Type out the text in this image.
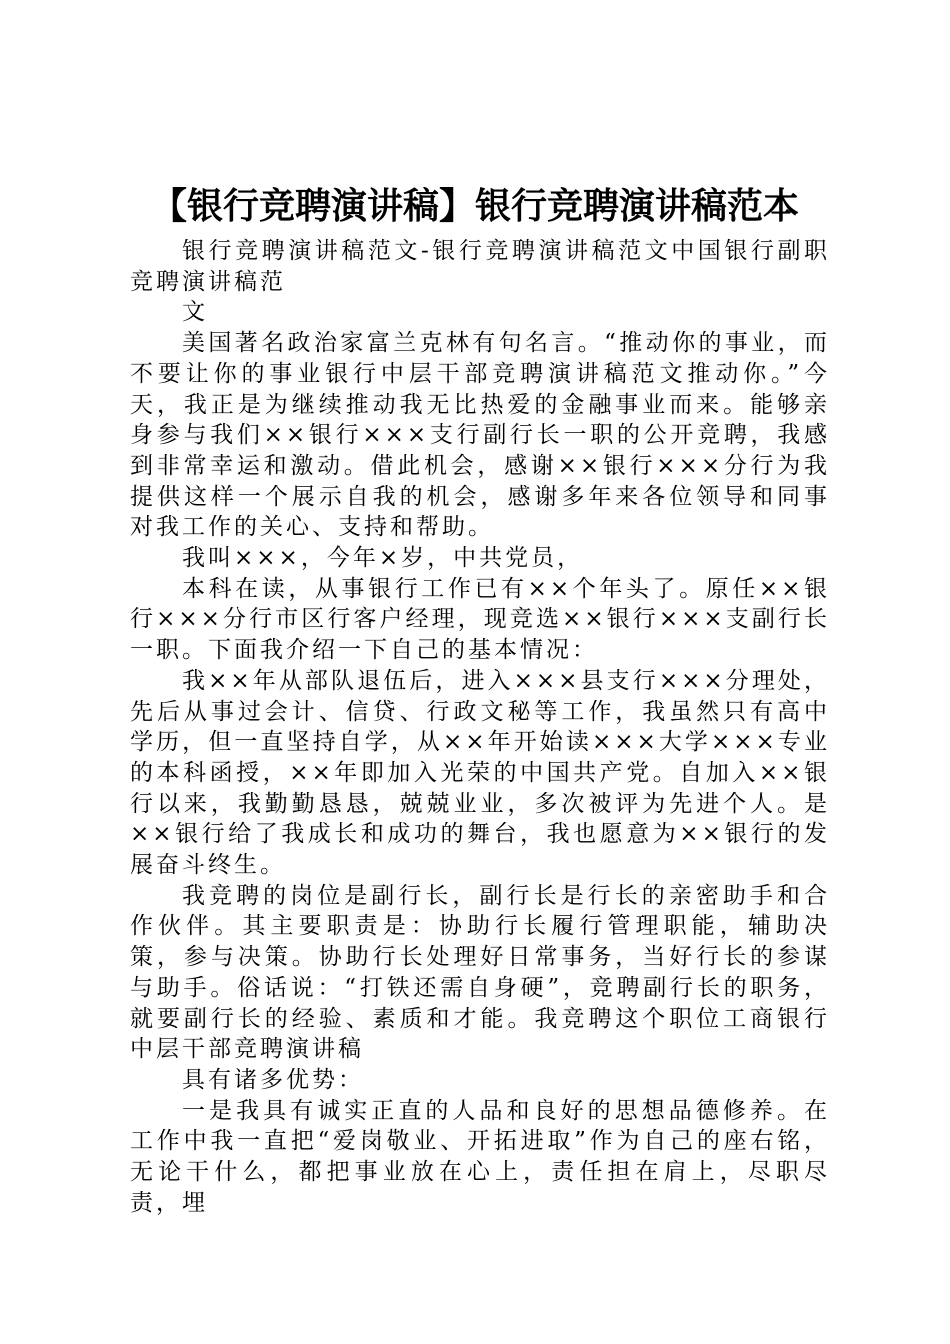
【银行竞聘演讲稿】银行竞聘演讲稿范本

银行竞聘演讲稿范文-银行竞聘演讲稿范文中国银行副职竞聘演讲稿范

文

美国著名政治家富兰克林有句名言。“推动你的事业，而不要让你的事业银行中层干部竞聘演讲稿范文推动你。”今天，我正是为继续推动我无比热爱的金融事业而来。能够亲身参与我们××银行×××支行副行长一职的公开竞聘，我感到非常幸运和激动。借此机会，感谢××银行×××分行为我提供这样一个展示自我的机会，感谢多年来各位领导和同事对我工作的关心、支持和帮助。

我叫×××，今年×岁，中共党员，

本科在读，从事银行工作已有××个年头了。原任××银行×××分行市区行客户经理，现竞选××银行×××支副行长一职。下面我介绍一下自己的基本情况：

我××年从部队退伍后，进入×××县支行×××分理处，先后从事过会计、信贷、行政文秘等工作，我虽然只有高中学历，但一直坚持自学，从××年开始读×××大学×××专业的本科函授，××年即加入光荣的中国共产党。自加入××银行以来，我勤勤恳恳，兢兢业业，多次被评为先进个人。是××银行给了我成长和成功的舞台，我也愿意为××银行的发展奋斗终生。

我竞聘的岗位是副行长，副行长是行长的亲密助手和合作伙伴。其主要职责是：协助行长履行管理职能，辅助决策，参与决策。协助行长处理好日常事务，当好行长的参谋与助手。俗话说：“打铁还需自身硬”，竞聘副行长的职务，就要副行长的经验、素质和才能。我竞聘这个职位工商银行中层干部竞聘演讲稿

具有诸多优势：

一是我具有诚实正直的人品和良好的思想品德修养。在工作中我一直把“爱岗敬业、开拓进取”作为自己的座右铭，无论干什么，都把事业放在心上，责任担在肩上，尽职尽责，埋
